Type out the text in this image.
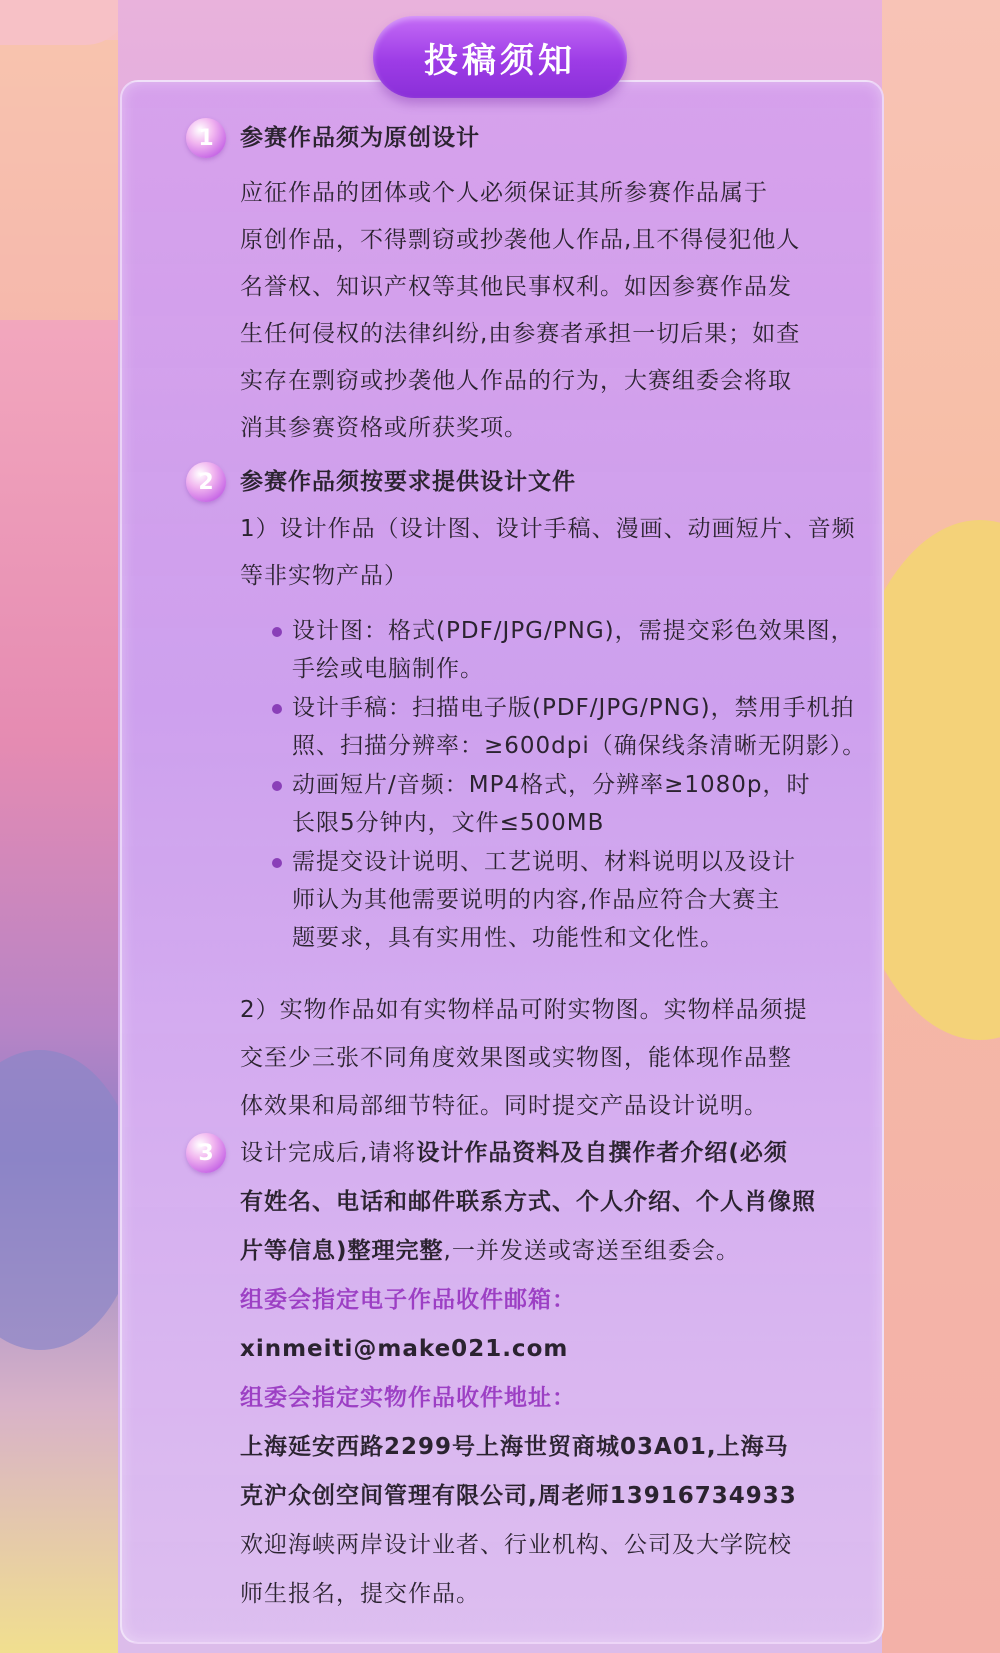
投稿须知
1	参赛作品须为原创设计
应征作品的团体或个人必须保证其所参赛作品属于
原创作品，不得剽窃或抄袭他人作品,且不得侵犯他人
名誉权、知识产权等其他民事权利。如因参赛作品发
生任何侵权的法律纠纷,由参赛者承担一切后果；如查
实存在剽窃或抄袭他人作品的行为，大赛组委会将取
消其参赛资格或所获奖项。
2	参赛作品须按要求提供设计文件
1）设计作品（设计图、设计手稿、漫画、动画短片、音频
等非实物产品）
设计图：格式(PDF/JPG/PNG)，需提交彩色效果图，
手绘或电脑制作。
设计手稿：扫描电子版(PDF/JPG/PNG)，禁用手机拍
照、扫描分辨率：≥600dpi（确保线条清晰无阴影）。
动画短片/音频：MP4格式，分辨率≥1080p，时
长限5分钟内，文件≤500MB
需提交设计说明、工艺说明、材料说明以及设计
师认为其他需要说明的内容,作品应符合大赛主
题要求，具有实用性、功能性和文化性。
2）实物作品如有实物样品可附实物图。实物样品须提
交至少三张不同角度效果图或实物图，能体现作品整
体效果和局部细节特征。同时提交产品设计说明。
3	设计完成后,请将设计作品资料及自撰作者介绍(必须
有姓名、电话和邮件联系方式、个人介绍、个人肖像照
片等信息)整理完整,一并发送或寄送至组委会。
组委会指定电子作品收件邮箱：
xinmeiti@make021.com
组委会指定实物作品收件地址：
上海延安西路2299号上海世贸商城03A01,上海马
克沪众创空间管理有限公司,周老师13916734933
欢迎海峡两岸设计业者、行业机构、公司及大学院校
师生报名，提交作品。
